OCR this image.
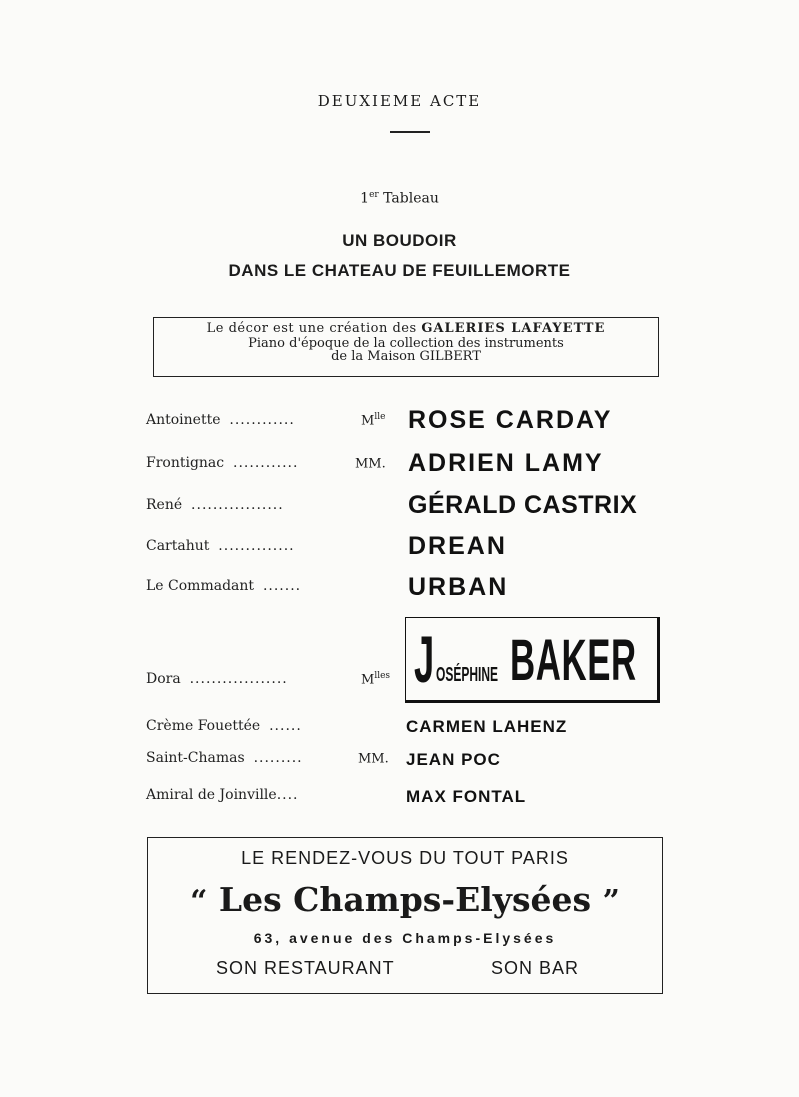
DEUXIEME ACTE
1er Tableau
UN BOUDOIR
DANS LE CHATEAU DE FEUILLEMORTE
Le décor est une création des GALERIES LAFAYETTE
Piano d'époque de la collection des instruments
de la Maison GILBERT
Antoinette ............	$M^{lle}$ ROSE CARDAY
Frontignac ............	MM. ADRIEN LAMY
René .................	GÉRALD CASTRIX
Cartahut ..............	DREAN
Le Commadant .......	URBAN
Dora ..................	$M^{lles}$ J OSÉPHINE BAKER
Crème Fouettée ......	CARMEN LAHENZ
Saint-Chamas .........	MM. JEAN POC
Amiral de Joinville....	MAX FONTAL
LE RENDEZ-VOUS DU TOUT PARIS
“ Les Champs-Elysées ”
63, avenue des Champs-Elysées
SON RESTAURANT	SON BAR
